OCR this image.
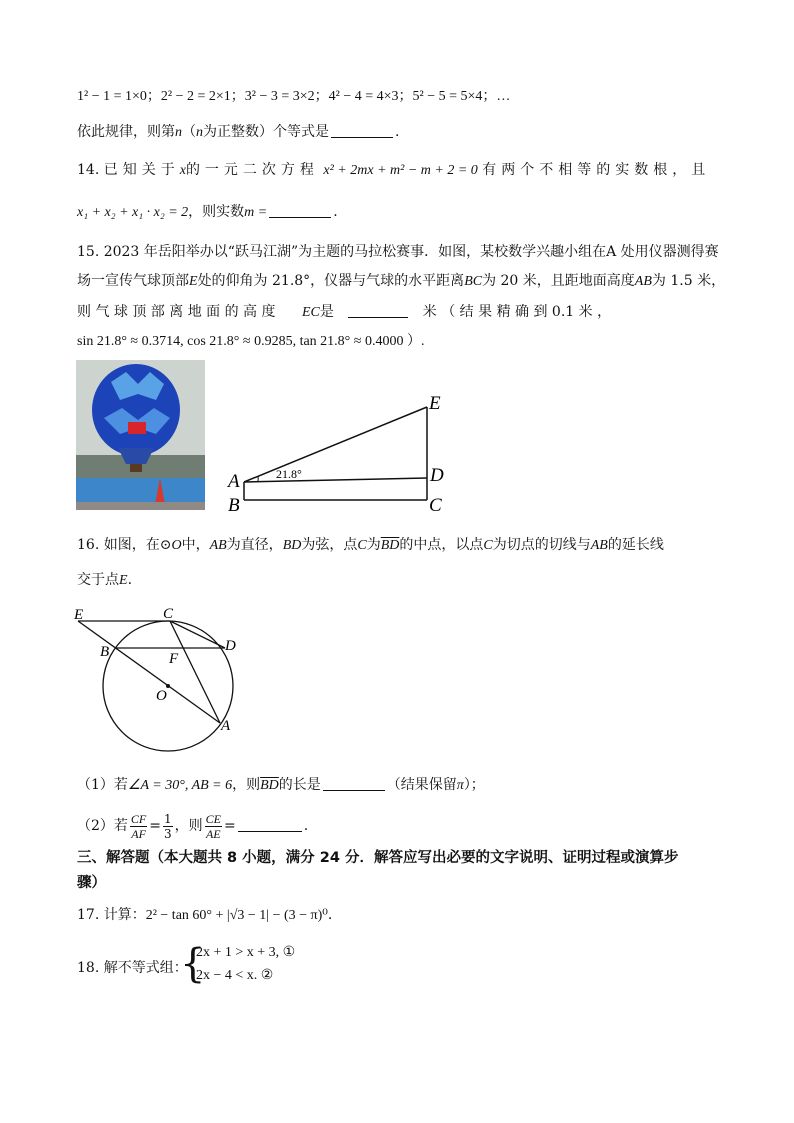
1² − 1 = 1×0；2² − 2 = 2×1；3² − 3 = 3×2；4² − 4 = 4×3；5² − 5 = 5×4；…
依此规律，则第n（n为正整数）个等式是	.
14. 已知关于x的一元二次方程 x² + 2mx + m² − m + 2 = 0 有两个不相等的实数根，且
x₁ + x₂ + x₁ · x₂ = 2，则实数m =	.
15. 2023 年岳阳举办以“跃马江湖”为主题的马拉松赛事．如图，某校数学兴趣小组在A 处用仪器测得赛
场一宣传气球顶部E处的仰角为 21.8°，仪器与气球的水平距离BC为 20 米，且距地面高度AB为 1.5 米，
则 气 球 顶 部 离 地 面 的 高 度 EC是	米 （ 结 果 精 确 到 0.1 米 ，
sin 21.8° ≈ 0.3714, cos 21.8° ≈ 0.9285, tan 21.8° ≈ 0.4000 ）.
21.8°
E
A	D
B	C
16. 如图，在⊙O中，AB为直径，BD为弦，点C为$\overline{BD}$的中点，以点C为切点的切线与AB的延长线
交于点E.
E	C
D
B	F
O
A
（1）若∠A = 30°, AB = 6，则$\overline{BD}$的长是	（结果保留π）；
（2）若 $\frac{CF}{AF} = \frac{1}{3}$ ，则 $\frac{CE}{AE}$ =	.
三、解答题（本大题共 8 小题，满分 24 分．解答应写出必要的文字说明、证明过程或演算步
骤）
17. 计算：2² − tan 60° + |√3 − 1| − (3 − π)⁰.
18. 解不等式组：
{
2x + 1 > x + 3, ①
2x − 4 < x. ②
